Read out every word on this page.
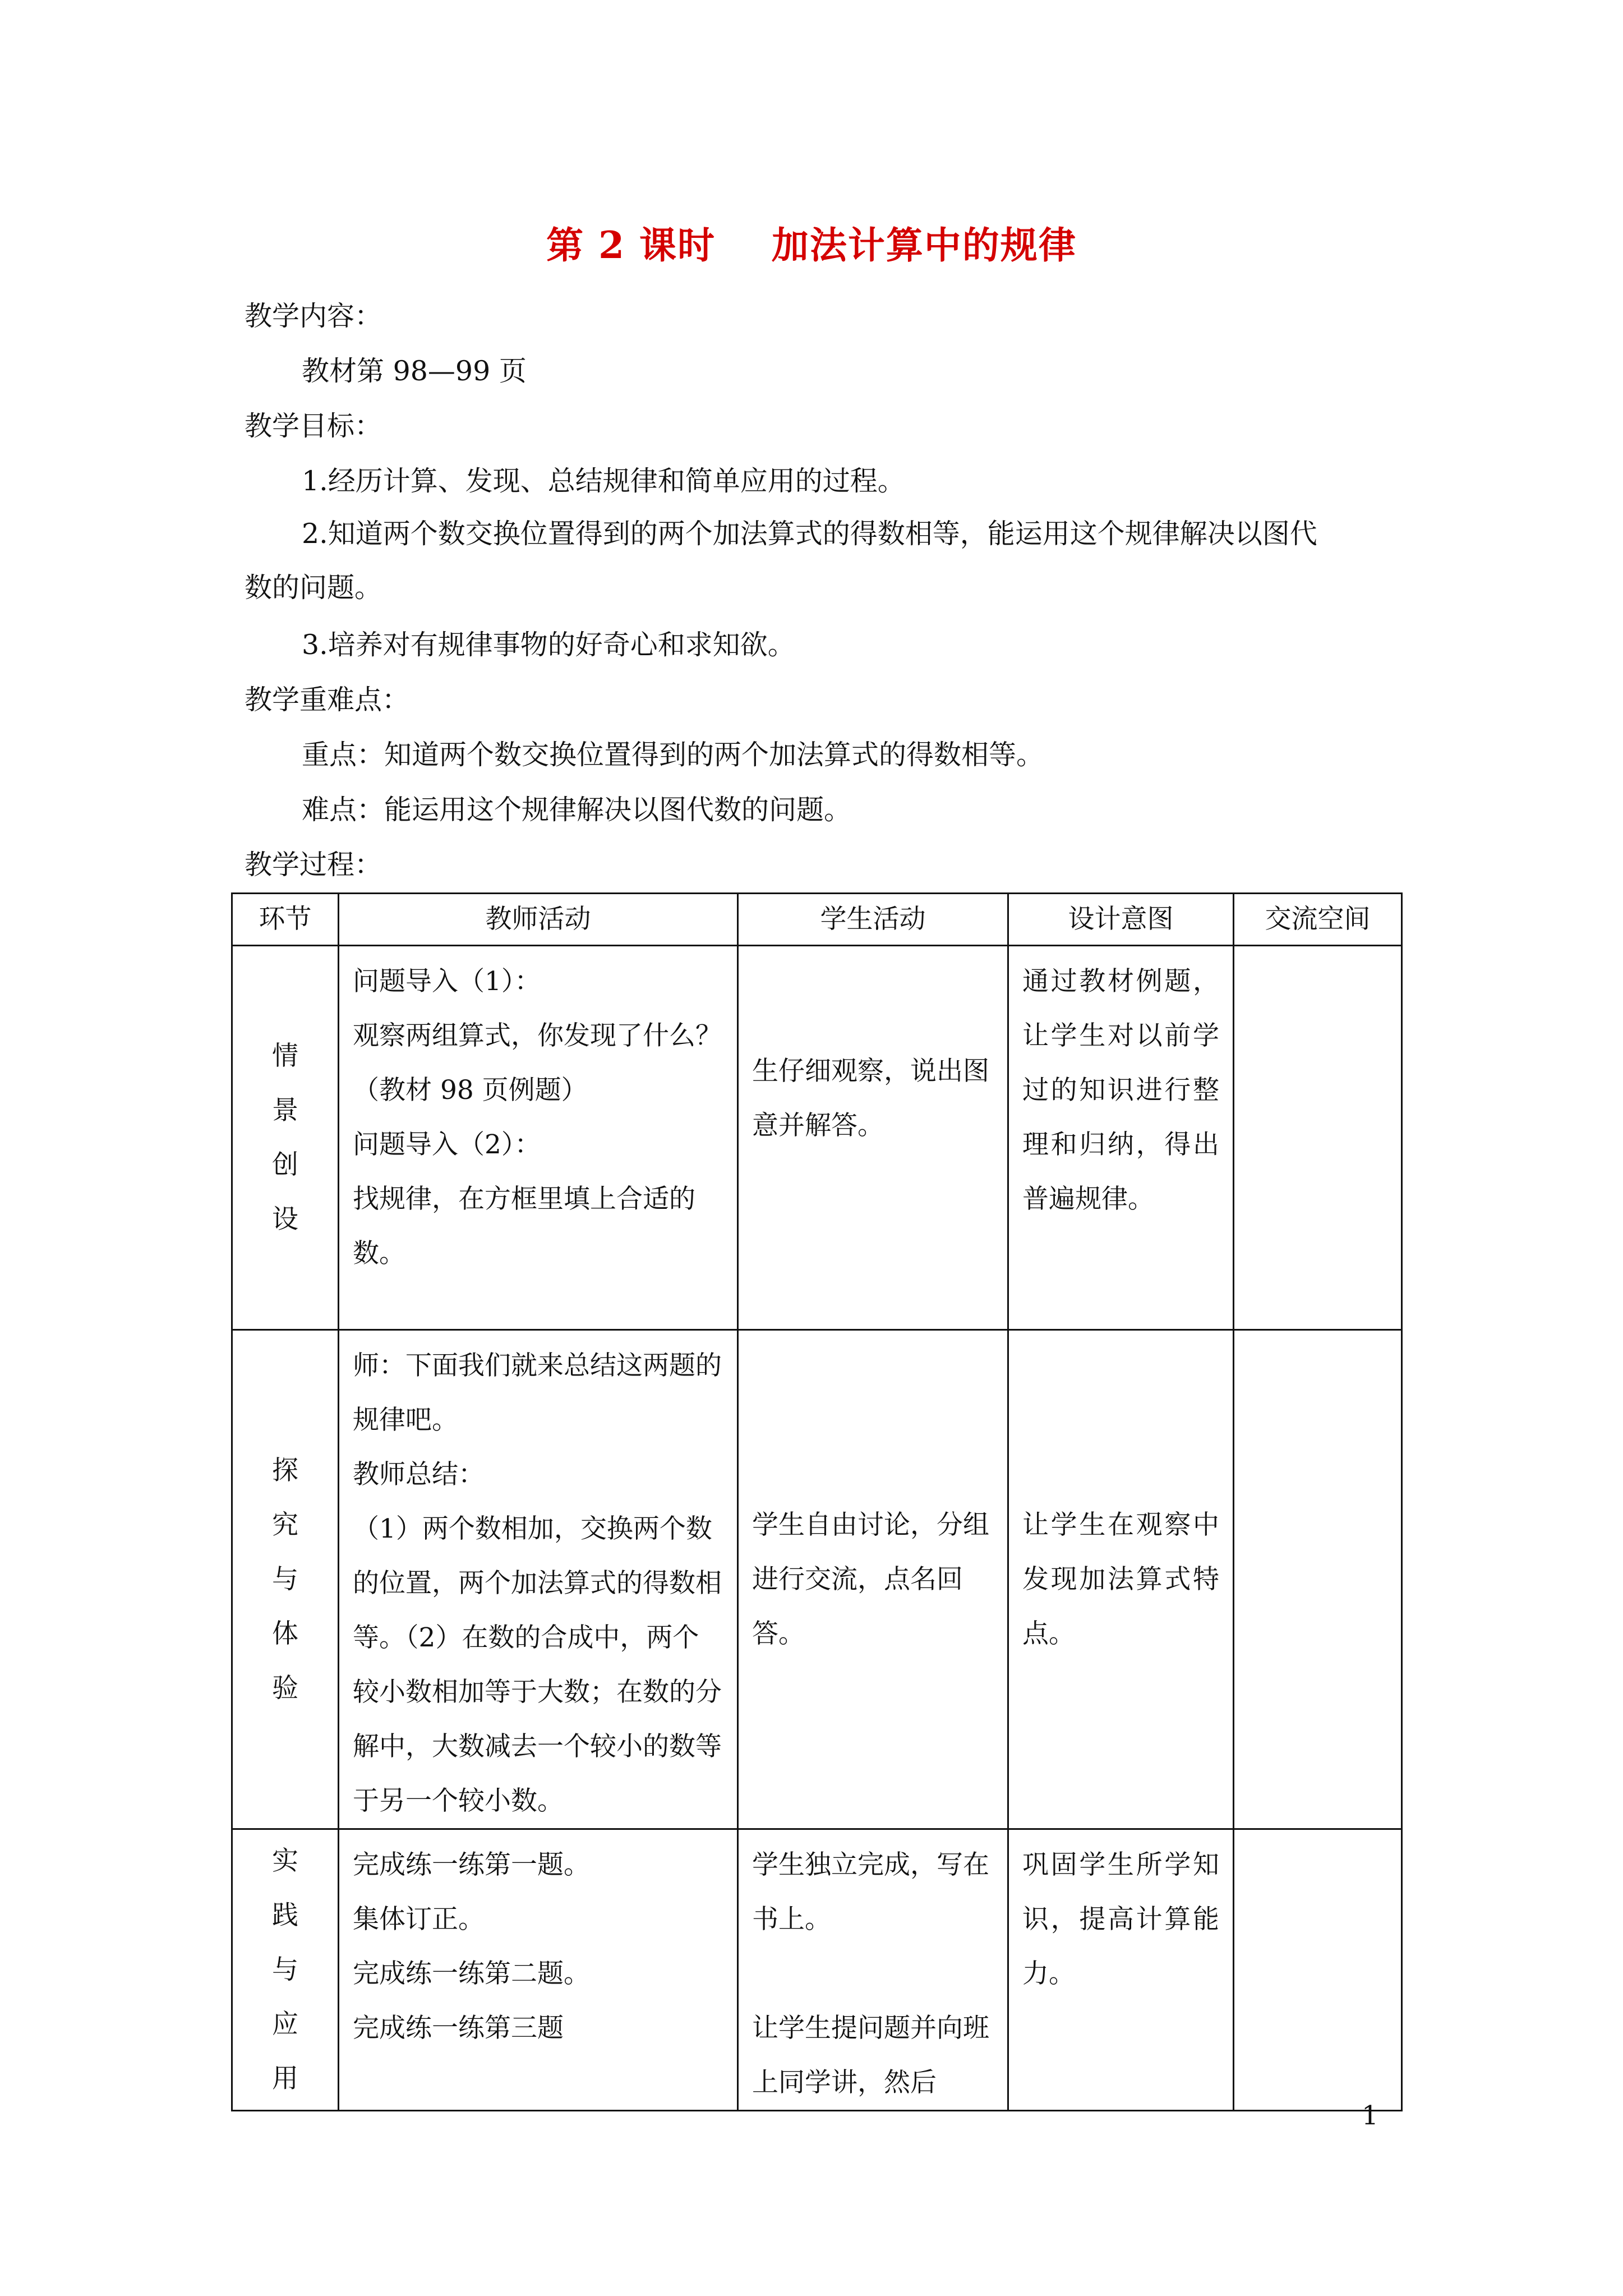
第 2 课时    加法计算中的规律
教学内容：
教材第 98—99 页
教学目标：
1.经历计算、发现、总结规律和简单应用的过程。
2.知道两个数交换位置得到的两个加法算式的得数相等，能运用这个规律解决以图代数的问题。
3.培养对有规律事物的好奇心和求知欲。
教学重难点：
重点：知道两个数交换位置得到的两个加法算式的得数相等。
难点：能运用这个规律解决以图代数的问题。
教学过程：
环节	教师活动	学生活动	设计意图	交流空间
情景创设	问题导入（1）：
观察两组算式，你发现了什么？（教材 98 页例题）
问题导入（2）：
找规律，在方框里填上合适的数。	生仔细观察，说出图意并解答。	通过教材例题，让学生对以前学过的知识进行整理和归纳，得出普遍规律。	

探究与体验	师：下面我们就来总结这两题的规律吧。
教师总结：
（1）两个数相加，交换两个数的位置，两个加法算式的得数相等。（2）在数的合成中，两个较小数相加等于大数；在数的分解中，大数减去一个较小的数等于另一个较小数。	学生自由讨论，分组进行交流，点名回答。	让学生在观察中发现加法算式特点。	

实践与应用	完成练一练第一题。
集体订正。
完成练一练第二题。
完成练一练第三题	学生独立完成，写在书上。

让学生提问题并向班上同学讲，然后	巩固学生所学知识，提高计算能力。	

1
